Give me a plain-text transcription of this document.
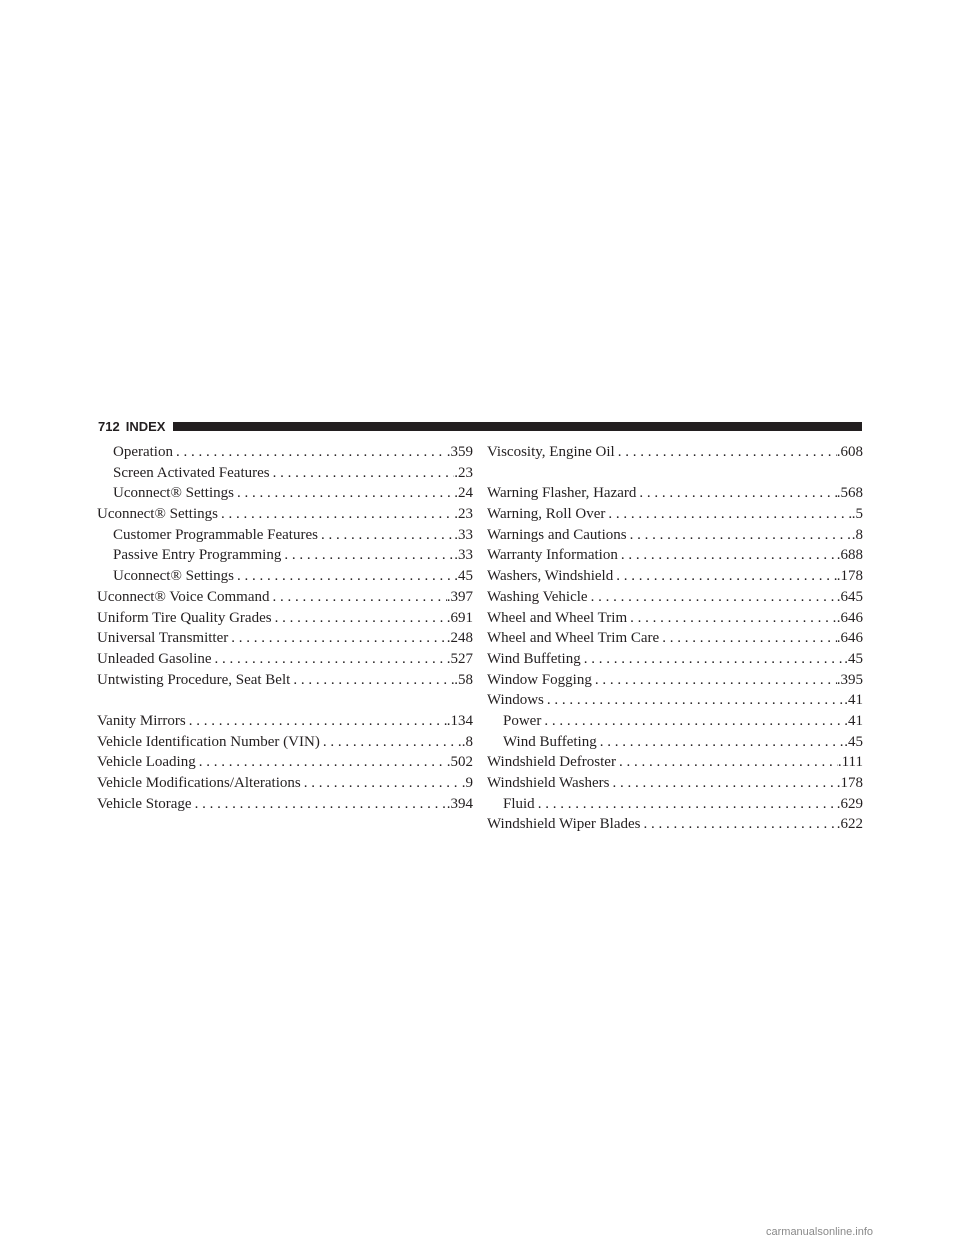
712 INDEX
Operation . . .	.359
Screen Activated Features . . .	.23
Uconnect® Settings . . .	.24
Uconnect® Settings . . .	.23
Customer Programmable Features . . .	.33
Passive Entry Programming . . .	.33
Uconnect® Settings . . .	.45
Uconnect® Voice Command . . .	.397
Uniform Tire Quality Grades . . .	.691
Universal Transmitter . . .	.248
Unleaded Gasoline . . .	.527
Untwisting Procedure, Seat Belt . . .	.58
Vanity Mirrors . . .	.134
Vehicle Identification Number (VIN) . . .	.8
Vehicle Loading . . .	.502
Vehicle Modifications/Alterations . . .	.9
Vehicle Storage . . .	.394
Viscosity, Engine Oil . . .	.608
Warning Flasher, Hazard . . .	.568
Warning, Roll Over . . .	.5
Warnings and Cautions . . .	.8
Warranty Information . . .	.688
Washers, Windshield . . .	.178
Washing Vehicle . . .	.645
Wheel and Wheel Trim . . .	.646
Wheel and Wheel Trim Care . . .	.646
Wind Buffeting . . .	.45
Window Fogging . . .	.395
Windows . . .	.41
Power . . .	.41
Wind Buffeting . . .	.45
Windshield Defroster . . .	.111
Windshield Washers . . .	.178
Fluid . . .	.629
Windshield Wiper Blades . . .	.622
carmanualsonline.info
